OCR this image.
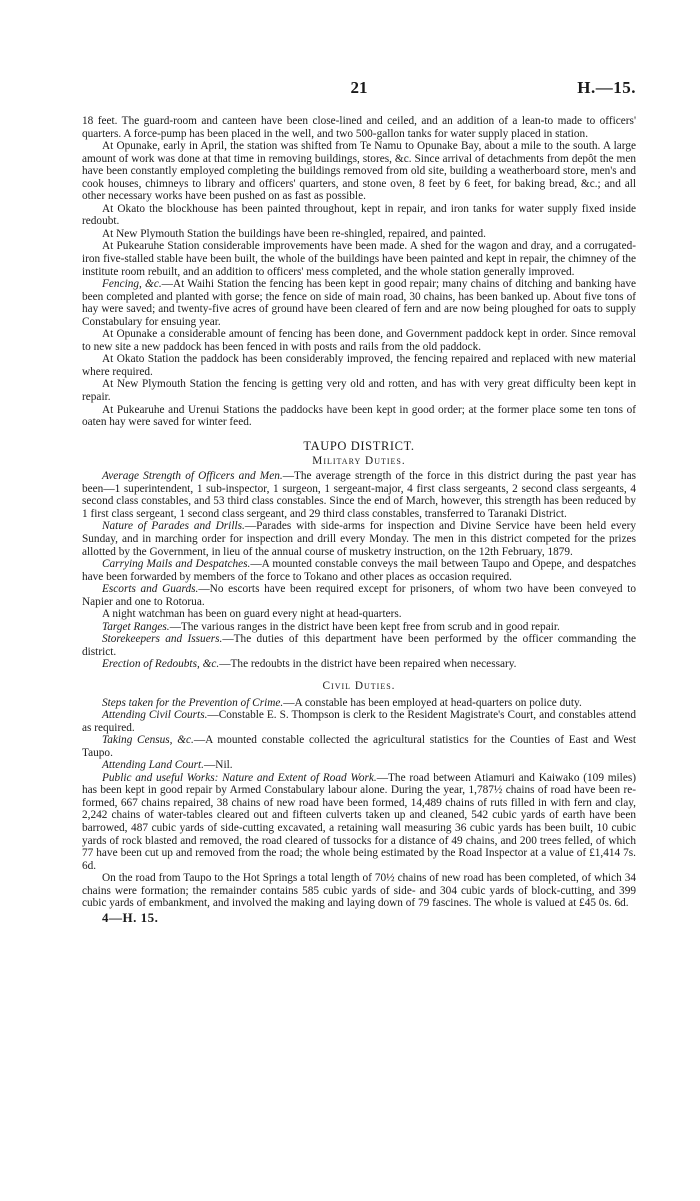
21	H.—15.

18 feet. The guard-room and canteen have been close-lined and ceiled, and an addition of a lean-to made to officers' quarters. A force-pump has been placed in the well, and two 500-gallon tanks for water supply placed in station.

At Opunake, early in April, the station was shifted from Te Namu to Opunake Bay, about a mile to the south. A large amount of work was done at that time in removing buildings, stores, &c. Since arrival of detachments from depôt the men have been constantly employed completing the buildings removed from old site, building a weatherboard store, men's and cook houses, chimneys to library and officers' quarters, and stone oven, 8 feet by 6 feet, for baking bread, &c.; and all other necessary works have been pushed on as fast as possible.

At Okato the blockhouse has been painted throughout, kept in repair, and iron tanks for water supply fixed inside redoubt.

At New Plymouth Station the buildings have been re-shingled, repaired, and painted.

At Pukearuhe Station considerable improvements have been made. A shed for the wagon and dray, and a corrugated-iron five-stalled stable have been built, the whole of the buildings have been painted and kept in repair, the chimney of the institute room rebuilt, and an addition to officers' mess completed, and the whole station generally improved.

Fencing, &c.—At Waihi Station the fencing has been kept in good repair; many chains of ditching and banking have been completed and planted with gorse; the fence on side of main road, 30 chains, has been banked up. About five tons of hay were saved; and twenty-five acres of ground have been cleared of fern and are now being ploughed for oats to supply Constabulary for ensuing year.

At Opunake a considerable amount of fencing has been done, and Government paddock kept in order. Since removal to new site a new paddock has been fenced in with posts and rails from the old paddock.

At Okato Station the paddock has been considerably improved, the fencing repaired and replaced with new material where required.

At New Plymouth Station the fencing is getting very old and rotten, and has with very great difficulty been kept in repair.

At Pukearuhe and Urenui Stations the paddocks have been kept in good order; at the former place some ten tons of oaten hay were saved for winter feed.

TAUPO DISTRICT.
Military Duties.

Average Strength of Officers and Men.—The average strength of the force in this district during the past year has been—1 superintendent, 1 sub-inspector, 1 surgeon, 1 sergeant-major, 4 first class sergeants, 2 second class sergeants, 4 second class constables, and 53 third class constables. Since the end of March, however, this strength has been reduced by 1 first class sergeant, 1 second class sergeant, and 29 third class constables, transferred to Taranaki District.

Nature of Parades and Drills.—Parades with side-arms for inspection and Divine Service have been held every Sunday, and in marching order for inspection and drill every Monday. The men in this district competed for the prizes allotted by the Government, in lieu of the annual course of musketry instruction, on the 12th February, 1879.

Carrying Mails and Despatches.—A mounted constable conveys the mail between Taupo and Opepe, and despatches have been forwarded by members of the force to Tokano and other places as occasion required.

Escorts and Guards.—No escorts have been required except for prisoners, of whom two have been conveyed to Napier and one to Rotorua.

A night watchman has been on guard every night at head-quarters.

Target Ranges.—The various ranges in the district have been kept free from scrub and in good repair.

Storekeepers and Issuers.—The duties of this department have been performed by the officer commanding the district.

Erection of Redoubts, &c.—The redoubts in the district have been repaired when necessary.

Civil Duties.

Steps taken for the Prevention of Crime.—A constable has been employed at head-quarters on police duty.

Attending Civil Courts.—Constable E. S. Thompson is clerk to the Resident Magistrate's Court, and constables attend as required.

Taking Census, &c.—A mounted constable collected the agricultural statistics for the Counties of East and West Taupo.

Attending Land Court.—Nil.

Public and useful Works: Nature and Extent of Road Work.—The road between Atiamuri and Kaiwako (109 miles) has been kept in good repair by Armed Constabulary labour alone. During the year, 1,787½ chains of road have been re-formed, 667 chains repaired, 38 chains of new road have been formed, 14,489 chains of ruts filled in with fern and clay, 2,242 chains of water-tables cleared out and fifteen culverts taken up and cleaned, 542 cubic yards of earth have been barrowed, 487 cubic yards of side-cutting excavated, a retaining wall measuring 36 cubic yards has been built, 10 cubic yards of rock blasted and removed, the road cleared of tussocks for a distance of 49 chains, and 200 trees felled, of which 77 have been cut up and removed from the road; the whole being estimated by the Road Inspector at a value of £1,414 7s. 6d.

On the road from Taupo to the Hot Springs a total length of 70½ chains of new road has been completed, of which 34 chains were formation; the remainder contains 585 cubic yards of side- and 304 cubic yards of block-cutting, and 399 cubic yards of embankment, and involved the making and laying down of 79 fascines. The whole is valued at £45 0s. 6d.

4—H. 15.
